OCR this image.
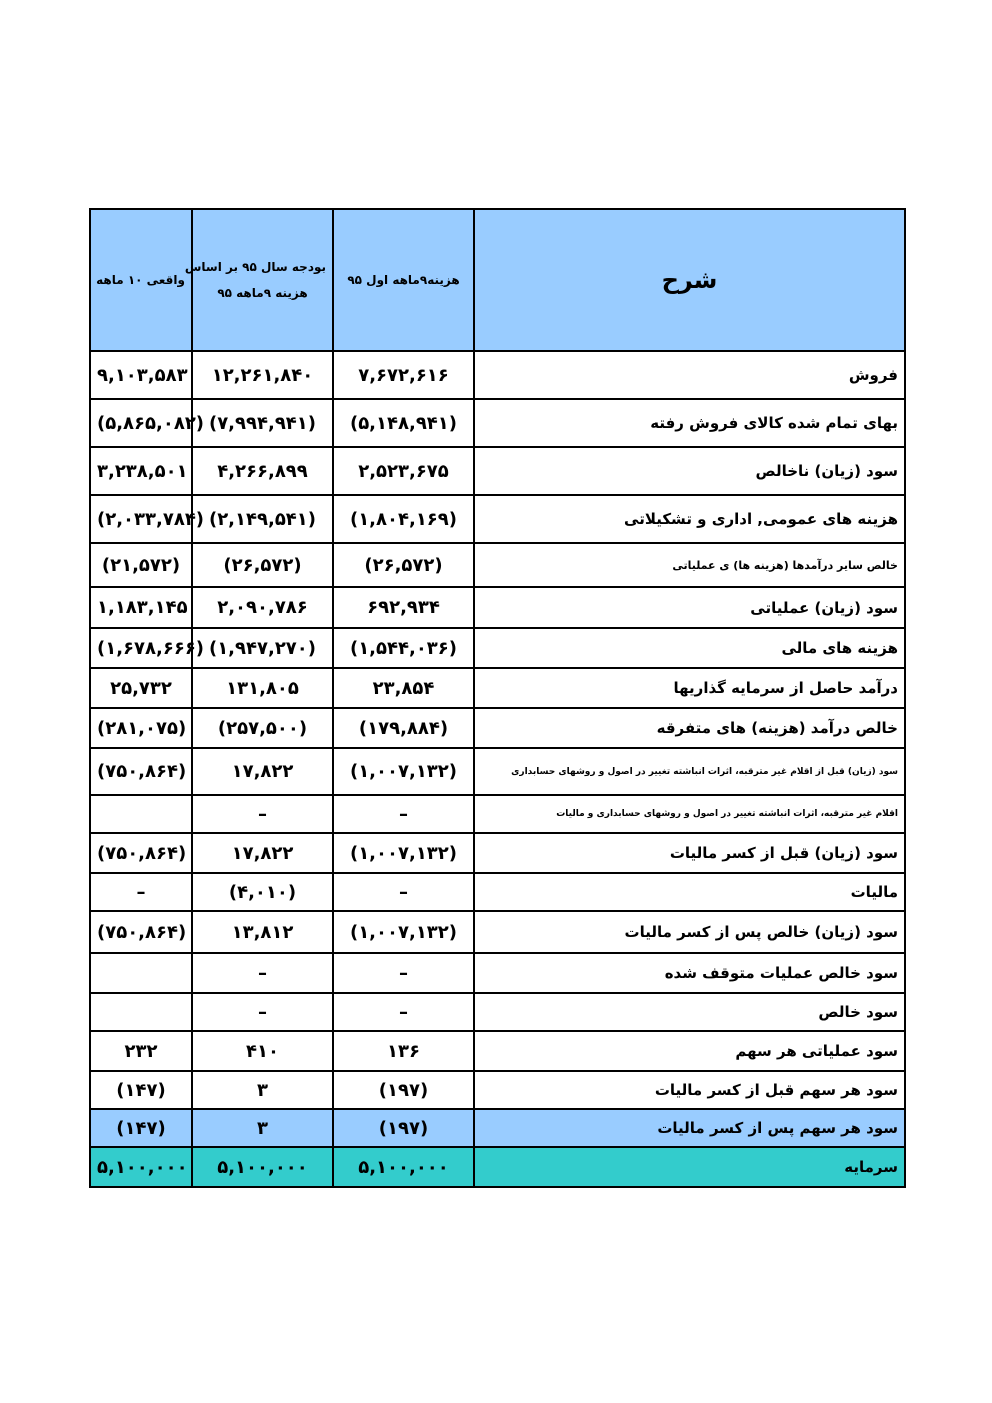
شرح	هزینه۹ماهه اول ۹۵	بودجه سال ۹۵ بر اساس
هزینه ۹ماهه ۹۵	واقعی ۱۰ ماهه
فروش	۷,۶۷۲,۶۱۶	۱۲,۲۶۱,۸۴۰	۹,۱۰۳,۵۸۳
بهای تمام شده کالای فروش رفته	(۵,۱۴۸,۹۴۱)	(۷,۹۹۴,۹۴۱)	(۵,۸۶۵,۰۸۲)
سود (زیان) ناخالص	۲,۵۲۳,۶۷۵	۴,۲۶۶,۸۹۹	۳,۲۳۸,۵۰۱
هزینه های عمومی, اداری و تشکیلاتی	(۱,۸۰۴,۱۶۹)	(۲,۱۴۹,۵۴۱)	(۲,۰۳۳,۷۸۴)
خالص سایر درآمدها (هزینه ها) ی عملیاتی	(۲۶,۵۷۲)	(۲۶,۵۷۲)	(۲۱,۵۷۲)
سود (زیان) عملیاتی	۶۹۲,۹۳۴	۲,۰۹۰,۷۸۶	۱,۱۸۳,۱۴۵
هزینه های مالی	(۱,۵۴۴,۰۳۶)	(۱,۹۴۷,۲۷۰)	(۱,۶۷۸,۶۶۶)
درآمد حاصل از سرمایه گذاریها	۲۳,۸۵۴	۱۳۱,۸۰۵	۲۵,۷۳۲
خالص درآمد (هزینه) های متفرقه	(۱۷۹,۸۸۴)	(۲۵۷,۵۰۰)	(۲۸۱,۰۷۵)
سود (زیان) قبل از اقلام غیر مترقبه، اثرات انباشته تغییر در اصول و روشهای حسابداری	(۱,۰۰۷,۱۳۲)	۱۷,۸۲۲	(۷۵۰,۸۶۴)
اقلام غیر مترقبه، اثرات انباشته تغییر در اصول و روشهای حسابداری و مالیات	–	–	
سود (زیان) قبل از کسر مالیات	(۱,۰۰۷,۱۳۲)	۱۷,۸۲۲	(۷۵۰,۸۶۴)
مالیات	–	(۴,۰۱۰)	–
سود (زیان) خالص پس از کسر مالیات	(۱,۰۰۷,۱۳۲)	۱۳,۸۱۲	(۷۵۰,۸۶۴)
سود خالص عملیات متوقف شده	–	–	
سود خالص	–	–	
سود عملیاتی هر سهم	۱۳۶	۴۱۰	۲۳۲
سود هر سهم قبل از کسر مالیات	(۱۹۷)	۳	(۱۴۷)
سود هر سهم پس از کسر مالیات	(۱۹۷)	۳	(۱۴۷)
سرمایه	۵,۱۰۰,۰۰۰	۵,۱۰۰,۰۰۰	۵,۱۰۰,۰۰۰
